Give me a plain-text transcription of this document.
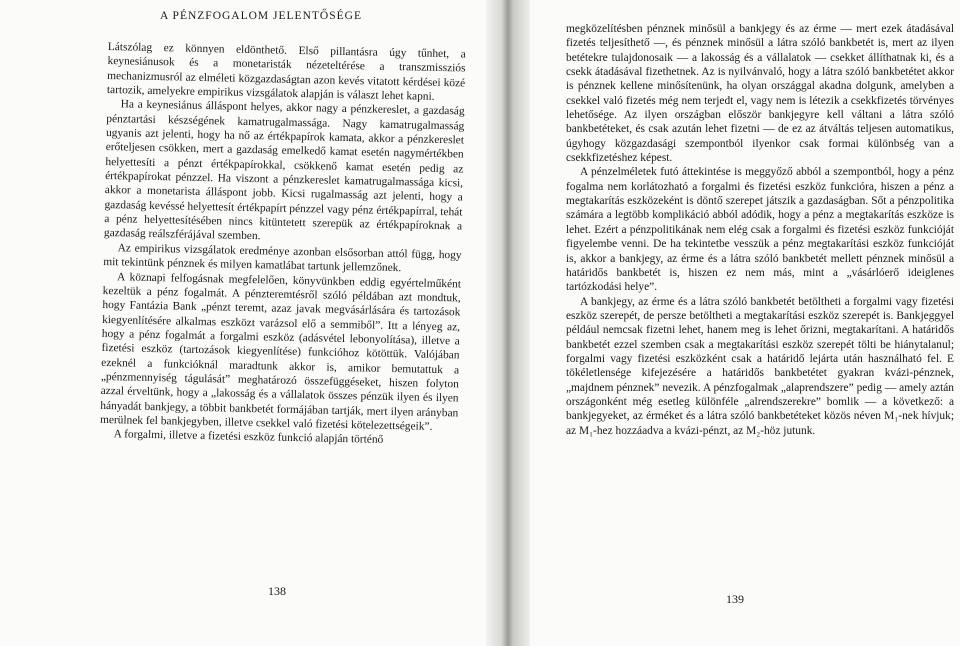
A PÉNZFOGALOM JELENTŐSÉGE

Látszólag ez könnyen eldönthető. Első pillantásra úgy tűnhet, a keynesiánusok és a monetaristák nézeteltérése a transzmissziós mechanizmusról az elméleti közgazdaságtan azon kevés vitatott kérdései közé tartozik, amelyekre empirikus vizsgálatok alapján is választ lehet kapni.

Ha a keynesiánus álláspont helyes, akkor nagy a pénzkereslet, a gazdaság pénztartási készségének kamatrugalmassága. Nagy kamatrugalmasság ugyanis azt jelenti, hogy ha nő az értékpapírok kamata, akkor a pénzkereslet erőteljesen csökken, mert a gazdaság emelkedő kamat esetén nagymértékben helyettesíti a pénzt értékpapírokkal, csökkenő kamat esetén pedig az értékpapírokat pénzzel. Ha viszont a pénzkereslet kamatrugalmassága kicsi, akkor a monetarista álláspont jobb. Kicsi rugalmasság azt jelenti, hogy a gazdaság kevéssé helyettesít értékpapírt pénzzel vagy pénz értékpapírral, tehát a pénz helyettesítésében nincs kitüntetett szerepük az értékpapíroknak a gazdaság reálszférájával szemben.

Az empirikus vizsgálatok eredménye azonban elsősorban attól függ, hogy mit tekintünk pénznek és milyen kamatlábat tartunk jellemzőnek.

A köznapi felfogásnak megfelelően, könyvünkben eddig egyértelműként kezeltük a pénz fogalmát. A pénzteremtésről szóló példában azt mondtuk, hogy Fantázia Bank „pénzt teremt, azaz javak megvásárlására és tartozások kiegyenlítésére alkalmas eszközt varázsol elő a semmiből”. Itt a lényeg az, hogy a pénz fogalmát a forgalmi eszköz (adásvétel lebonyolítása), illetve a fizetési eszköz (tartozások kiegyenlítése) funkcióhoz kötöttük. Valójában ezeknél a funkcióknál maradtunk akkor is, amikor bemutattuk a „pénzmennyiség tágulását” meghatározó összefüggéseket, hiszen folyton azzal érveltünk, hogy a „lakosság és a vállalatok összes pénzük ilyen és ilyen hányadát bankjegy, a többit bankbetét formájában tartják, mert ilyen arányban merülnek fel bankjegyben, illetve csekkel való fizetési kötelezettségeik”.

A forgalmi, illetve a fizetési eszköz funkció alapján történő

138

megközelítésben pénznek minősül a bankjegy és az érme — mert ezek átadásával fizetés teljesíthető —, és pénznek minősül a látra szóló bankbetét is, mert az ilyen betétekre tulajdonosaik — a lakosság és a vállalatok — csekket állíthatnak ki, és a csekk átadásával fizethetnek. Az is nyilvánvaló, hogy a látra szóló bankbetétet akkor is pénznek kellene minősítenünk, ha olyan országgal akadna dolgunk, amelyben a csekkel való fizetés még nem terjedt el, vagy nem is létezik a csekkfizetés törvényes lehetősége. Az ilyen országban először bankjegyre kell váltani a látra szóló bankbetéteket, és csak azután lehet fizetni — de ez az átváltás teljesen automatikus, úgyhogy közgazdasági szempontból ilyenkor csak formai különbség van a csekkfizetéshez képest.

A pénzelméletek futó áttekintése is meggyőző abból a szempontból, hogy a pénz fogalma nem korlátozható a forgalmi és fizetési eszköz funkcióra, hiszen a pénz a megtakarítás eszközeként is döntő szerepet játszik a gazdaságban. Sőt a pénzpolitika számára a legtöbb komplikáció abból adódik, hogy a pénz a megtakarítás eszköze is lehet. Ezért a pénzpolitikának nem elég csak a forgalmi és fizetési eszköz funkcióját figyelembe venni. De ha tekintetbe vesszük a pénz megtakarítási eszköz funkcióját is, akkor a bankjegy, az érme és a látra szóló bankbetét mellett pénznek minősül a határidős bankbetét is, hiszen ez nem más, mint a „vásárlóerő ideiglenes tartózkodási helye”.

A bankjegy, az érme és a látra szóló bankbetét betöltheti a forgalmi vagy fizetési eszköz szerepét, de persze betöltheti a megtakarítási eszköz szerepét is. Bankjeggyel például nemcsak fizetni lehet, hanem meg is lehet őrizni, megtakarítani. A határidős bankbetét ezzel szemben csak a megtakarítási eszköz szerepét tölti be hiánytalanul; forgalmi vagy fizetési eszközként csak a határidő lejárta után használható fel. E tökéletlensége kifejezésére a határidős bankbetétet gyakran kvázi-pénznek, „majdnem pénznek” nevezik. A pénzfogalmak „alaprendszere” pedig — amely aztán országonként még esetleg különféle „alrendszerekre” bomlik — a következő: a bankjegyeket, az érméket és a látra szóló bankbetéteket közös néven M₁-nek hívjuk; az M₁-hez hozzáadva a kvázi-pénzt, az M₂-höz jutunk.

139
